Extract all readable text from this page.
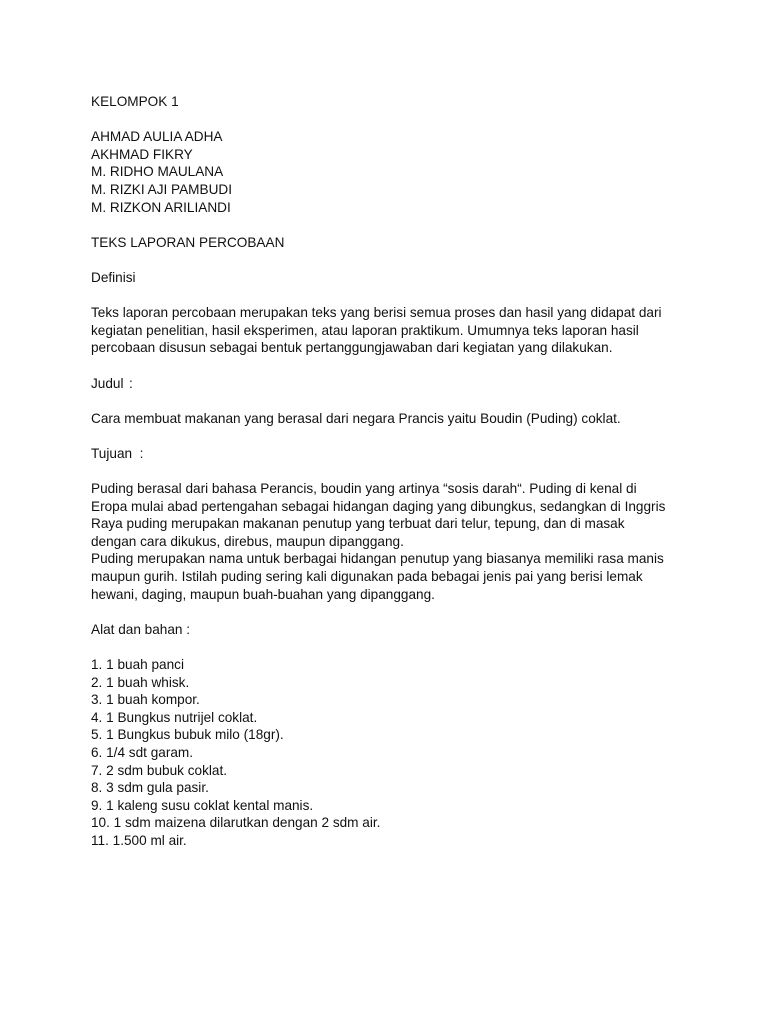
KELOMPOK 1

AHMAD AULIA ADHA

AKHMAD FIKRY

M. RIDHO MAULANA

M. RIZKI AJI PAMBUDI

M. RIZKON ARILIANDI

TEKS LAPORAN PERCOBAAN

Definisi

Teks laporan percobaan merupakan teks yang berisi semua proses dan hasil yang didapat dari

kegiatan penelitian, hasil eksperimen, atau laporan praktikum. Umumnya teks laporan hasil

percobaan disusun sebagai bentuk pertanggungjawaban dari kegiatan yang dilakukan.

Judul :

Cara membuat makanan yang berasal dari negara Prancis yaitu Boudin (Puding) coklat.

Tujuan :

Puding berasal dari bahasa Perancis, boudin yang artinya “sosis darah“. Puding di kenal di

Eropa mulai abad pertengahan sebagai hidangan daging yang dibungkus, sedangkan di Inggris

Raya puding merupakan makanan penutup yang terbuat dari telur, tepung, dan di masak

dengan cara dikukus, direbus, maupun dipanggang.

Puding merupakan nama untuk berbagai hidangan penutup yang biasanya memiliki rasa manis

maupun gurih. Istilah puding sering kali digunakan pada bebagai jenis pai yang berisi lemak

hewani, daging, maupun buah-buahan yang dipanggang.

Alat dan bahan :

1. 1 buah panci

2. 1 buah whisk.

3. 1 buah kompor.

4. 1 Bungkus nutrijel coklat.

5. 1 Bungkus bubuk milo (18gr).

6. 1/4 sdt garam.

7. 2 sdm bubuk coklat.

8. 3 sdm gula pasir.

9. 1 kaleng susu coklat kental manis.

10. 1 sdm maizena dilarutkan dengan 2 sdm air.

11. 1.500 ml air.
